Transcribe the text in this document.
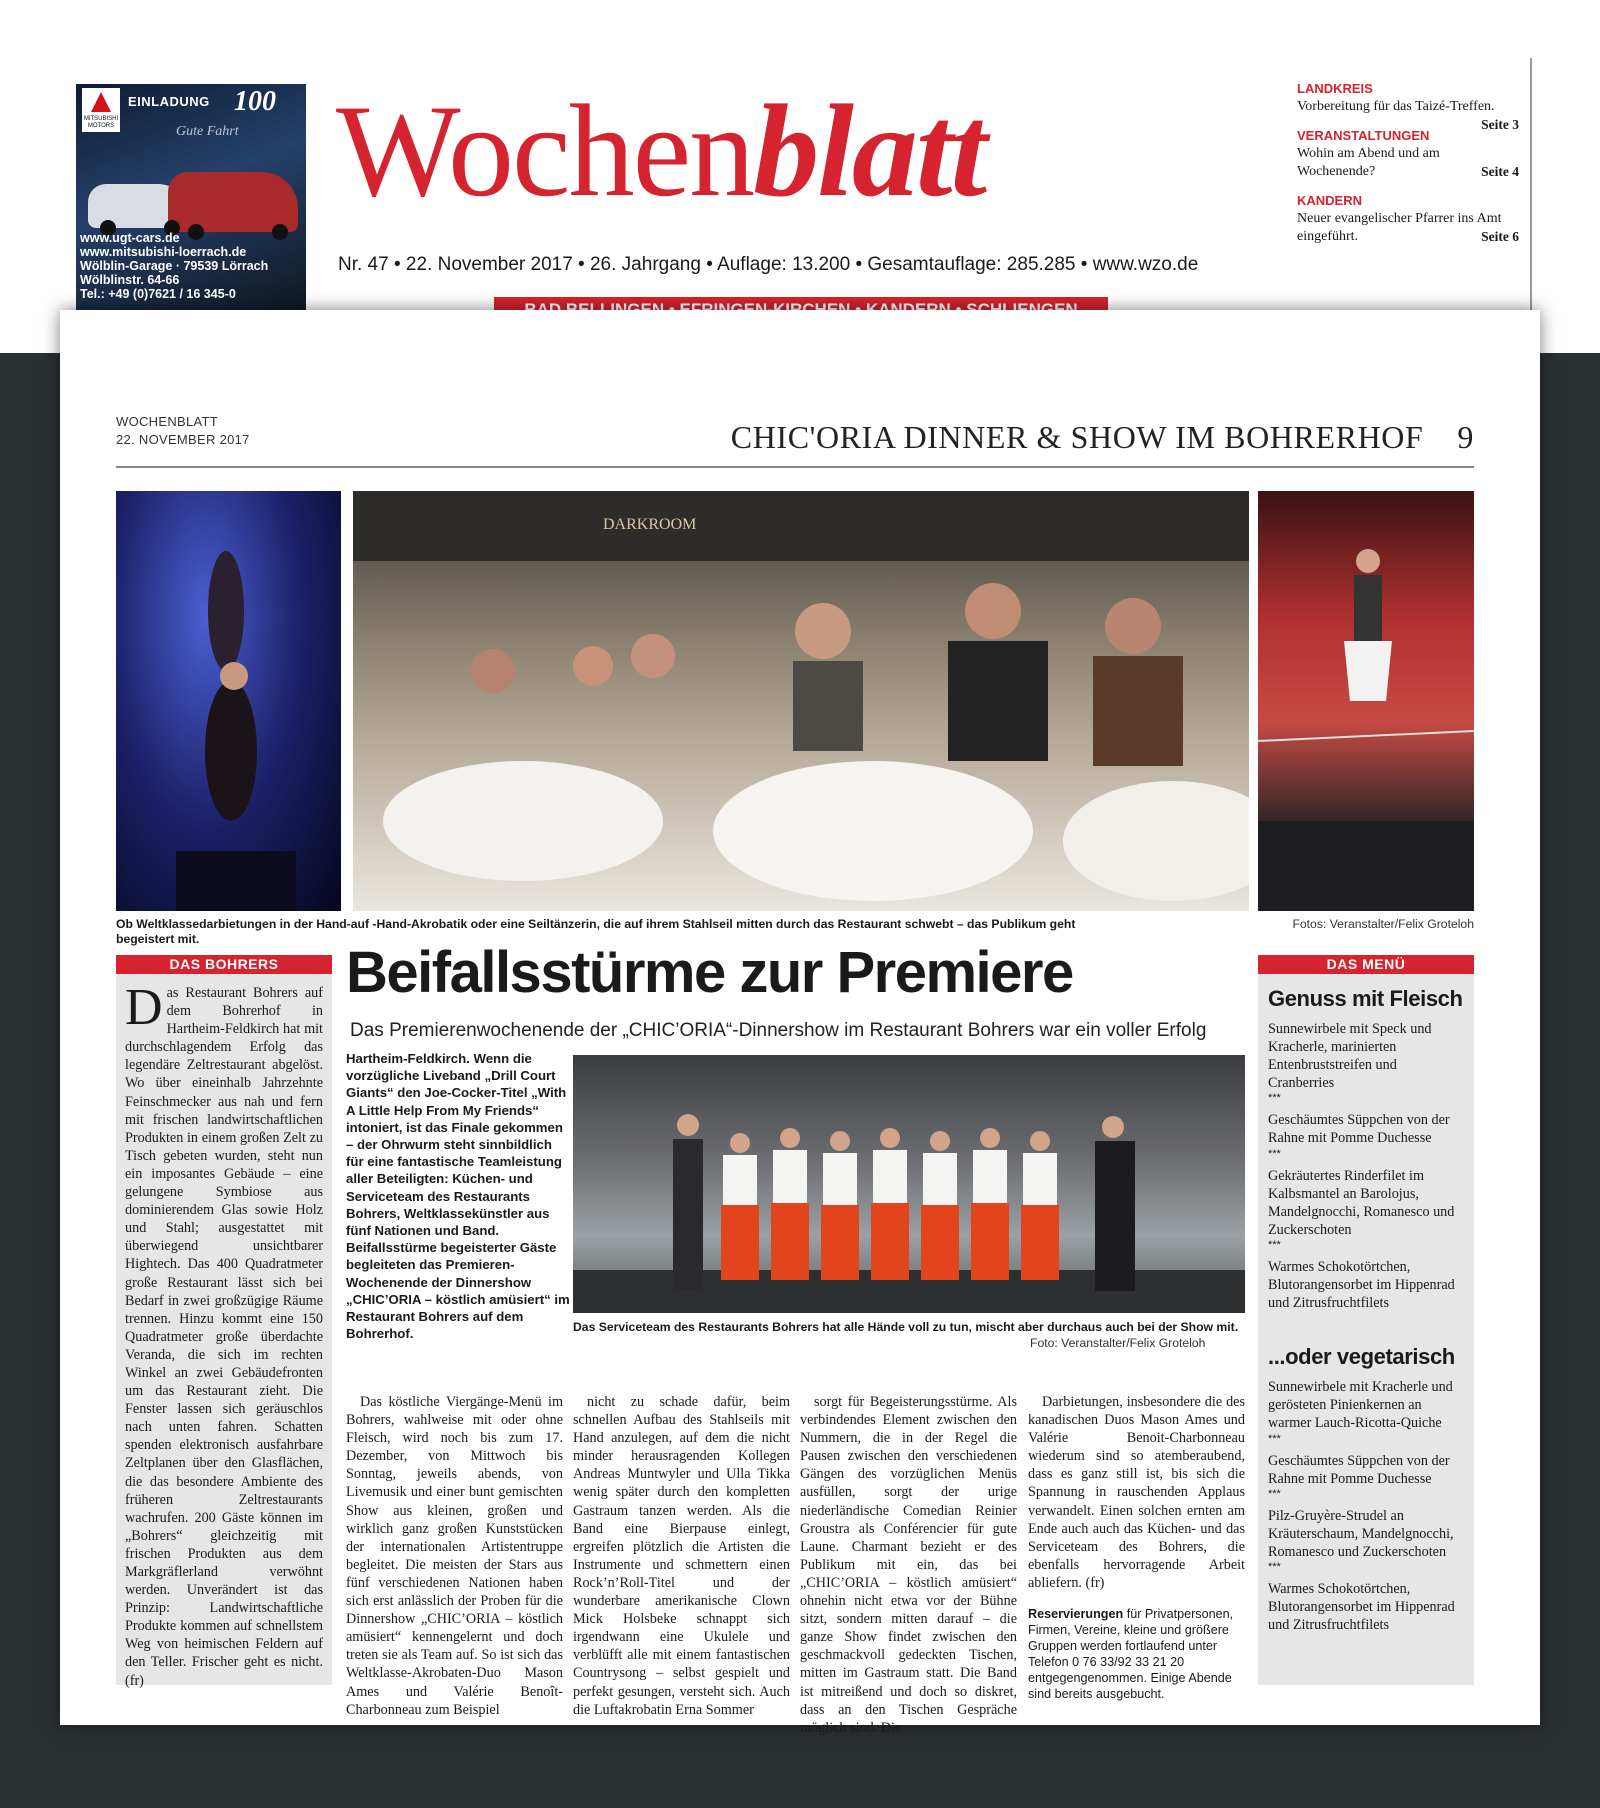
MITSUBISHI MOTORS
EINLADUNG 100
Gute Fahrt
www.ugt-cars.de
www.mitsubishi-loerrach.de
Wölblin-Garage · 79539 Lörrach
Wölblinstr. 64-66
Tel.: +49 (0)7621 / 16 345-0
Wochenblatt
Nr. 47 • 22. November 2017 • 26. Jahrgang • Auflage: 13.200 • Gesamtauflage: 285.285 • www.wzo.de
LANDKREIS
Vorbereitung für das Taizé-Treffen.
Seite 3
VERANSTALTUNGEN
Wohin am Abend und am Wochenende?	Seite 4
KANDERN
Neuer evangelischer Pfarrer ins Amt eingeführt.	Seite 6
WOCHENBLATT
22. NOVEMBER 2017	CHIC'ORIA DINNER & SHOW IM BOHRERHOF 9
DARKROOM
Ob Weltklassedarbietungen in der Hand-auf -Hand-Akrobatik oder eine Seiltänzerin, die auf ihrem Stahlseil mitten durch das Restaurant schwebt – das Publikum geht begeistert mit.
Fotos: Veranstalter/Felix Groteloh
DAS BOHRERS
Das Restaurant Bohrers auf dem Bohrerhof in Hartheim-Feldkirch hat mit durchschlagendem Erfolg das legendäre Zeltrestaurant abgelöst. Wo über eineinhalb Jahrzehnte Feinschmecker aus nah und fern mit frischen landwirtschaftlichen Produkten in einem großen Zelt zu Tisch gebeten wurden, steht nun ein imposantes Gebäude – eine gelungene Symbiose aus dominierendem Glas sowie Holz und Stahl; ausgestattet mit überwiegend unsichtbarer Hightech. Das 400 Quadratmeter große Restaurant lässt sich bei Bedarf in zwei großzügige Räume trennen. Hinzu kommt eine 150 Quadratmeter große überdachte Veranda, die sich im rechten Winkel an zwei Gebäudefronten um das Restaurant zieht. Die Fenster lassen sich geräuschlos nach unten fahren. Schatten spenden elektronisch ausfahrbare Zeltplanen über den Glasflächen, die das besondere Ambiente des früheren Zeltrestaurants wachrufen. 200 Gäste können im „Bohrers“ gleichzeitig mit frischen Produkten aus dem Markgräflerland verwöhnt werden. Unverändert ist das Prinzip: Landwirtschaftliche Produkte kommen auf schnellstem Weg von heimischen Feldern auf den Teller. Frischer geht es nicht. (fr)
Beifallsstürme zur Premiere
Das Premierenwochenende der „CHIC’ORIA“-Dinnershow im Restaurant Bohrers war ein voller Erfolg
Hartheim-Feldkirch. Wenn die vorzügliche Liveband „Drill Court Giants“ den Joe-Cocker-Titel „With A Little Help From My Friends“ intoniert, ist das Finale gekommen – der Ohrwurm steht sinnbildlich für eine fantastische Teamleistung aller Beteiligten: Küchen- und Serviceteam des Restaurants Bohrers, Weltklassekünstler aus fünf Nationen und Band. Beifallsstürme begeisterter Gäste begleiteten das Premieren-Wochenende der Dinnershow „CHIC’ORIA – köstlich amüsiert“ im Restaurant Bohrers auf dem Bohrerhof.	Das Serviceteam des Restaurants Bohrers hat alle Hände voll zu tun, mischt aber durchaus auch bei der Show mit.
Foto: Veranstalter/Felix Groteloh

Das köstliche Viergänge-Menü im Bohrers, wahlweise mit oder ohne Fleisch, wird noch bis zum 17. Dezember, von Mittwoch bis Sonntag, jeweils abends, von Livemusik und einer bunt gemischten Show aus kleinen, großen und wirklich ganz großen Kunststücken der internationalen Artistentruppe begleitet. Die meisten der Stars aus fünf verschiedenen Nationen haben sich erst anlässlich der Proben für die Dinnershow „CHIC’ORIA – köstlich amüsiert“ kennengelernt und doch treten sie als Team auf. So ist sich das Weltklasse-Akrobaten-Duo Mason Ames und Valérie Benoît-Charbonneau zum Beispiel

nicht zu schade dafür, beim schnellen Aufbau des Stahlseils mit Hand anzulegen, auf dem die nicht minder herausragenden Kollegen Andreas Muntwyler und Ulla Tikka wenig später durch den kompletten Gastraum tanzen werden. Als die Band eine Bierpause einlegt, ergreifen plötzlich die Artisten die Instrumente und schmettern einen Rock’n’Roll-Titel und der wunderbare amerikanische Clown Mick Holsbeke schnappt sich irgendwann eine Ukulele und verblüfft alle mit einem fantastischen Countrysong – selbst gespielt und perfekt gesungen, versteht sich. Auch die Luftakrobatin Erna Sommer

sorgt für Begeisterungsstürme. Als verbindendes Element zwischen den Nummern, die in der Regel die Pausen zwischen den verschiedenen Gängen des vorzüglichen Menüs ausfüllen, sorgt der urige niederländische Comedian Reinier Groustra als Conférencier für gute Laune. Charmant bezieht er des Publikum mit ein, das bei „CHIC’ORIA – köstlich amüsiert“ ohnehin nicht etwa vor der Bühne sitzt, sondern mitten darauf – die ganze Show findet zwischen den geschmackvoll gedeckten Tischen, mitten im Gastraum statt. Die Band ist mitreißend und doch so diskret, dass an den Tischen Gespräche möglich sind. Die

Darbietungen, insbesondere die des kanadischen Duos Mason Ames und Valérie Benoit-Charbonneau wiederum sind so atemberaubend, dass es ganz still ist, bis sich die Spannung in rauschenden Applaus verwandelt. Einen solchen ernten am Ende auch auch das Küchen- und das Serviceteam des Bohrers, die ebenfalls hervorragende Arbeit abliefern. (fr)

Reservierungen für Privatpersonen, Firmen, Vereine, kleine und größere Gruppen werden fortlaufend unter Telefon 0 76 33/92 33 21 20 entgegengenommen. Einige Abende sind bereits ausgebucht.
DAS MENÜ
Genuss mit Fleisch
Sunnewirbele mit Speck und Kracherle, marinierten Entenbruststreifen und Cranberries
***
Geschäumtes Süppchen von der Rahne mit Pomme Duchesse
***
Gekräutertes Rinderfilet im Kalbsmantel an Barolojus, Mandelgnocchi, Romanesco und Zuckerschoten
***
Warmes Schokotörtchen, Blutorangensorbet im Hippenrad und Zitrusfruchtfilets
...oder vegetarisch
Sunnewirbele mit Kracherle und gerösteten Pinienkernen an warmer Lauch-Ricotta-Quiche
***
Geschäumtes Süppchen von der Rahne mit Pomme Duchesse
***
Pilz-Gruyère-Strudel an Kräuterschaum, Mandelgnocchi, Romanesco und Zuckerschoten
***
Warmes Schokotörtchen, Blutorangensorbet im Hippenrad und Zitrusfruchtfilets
